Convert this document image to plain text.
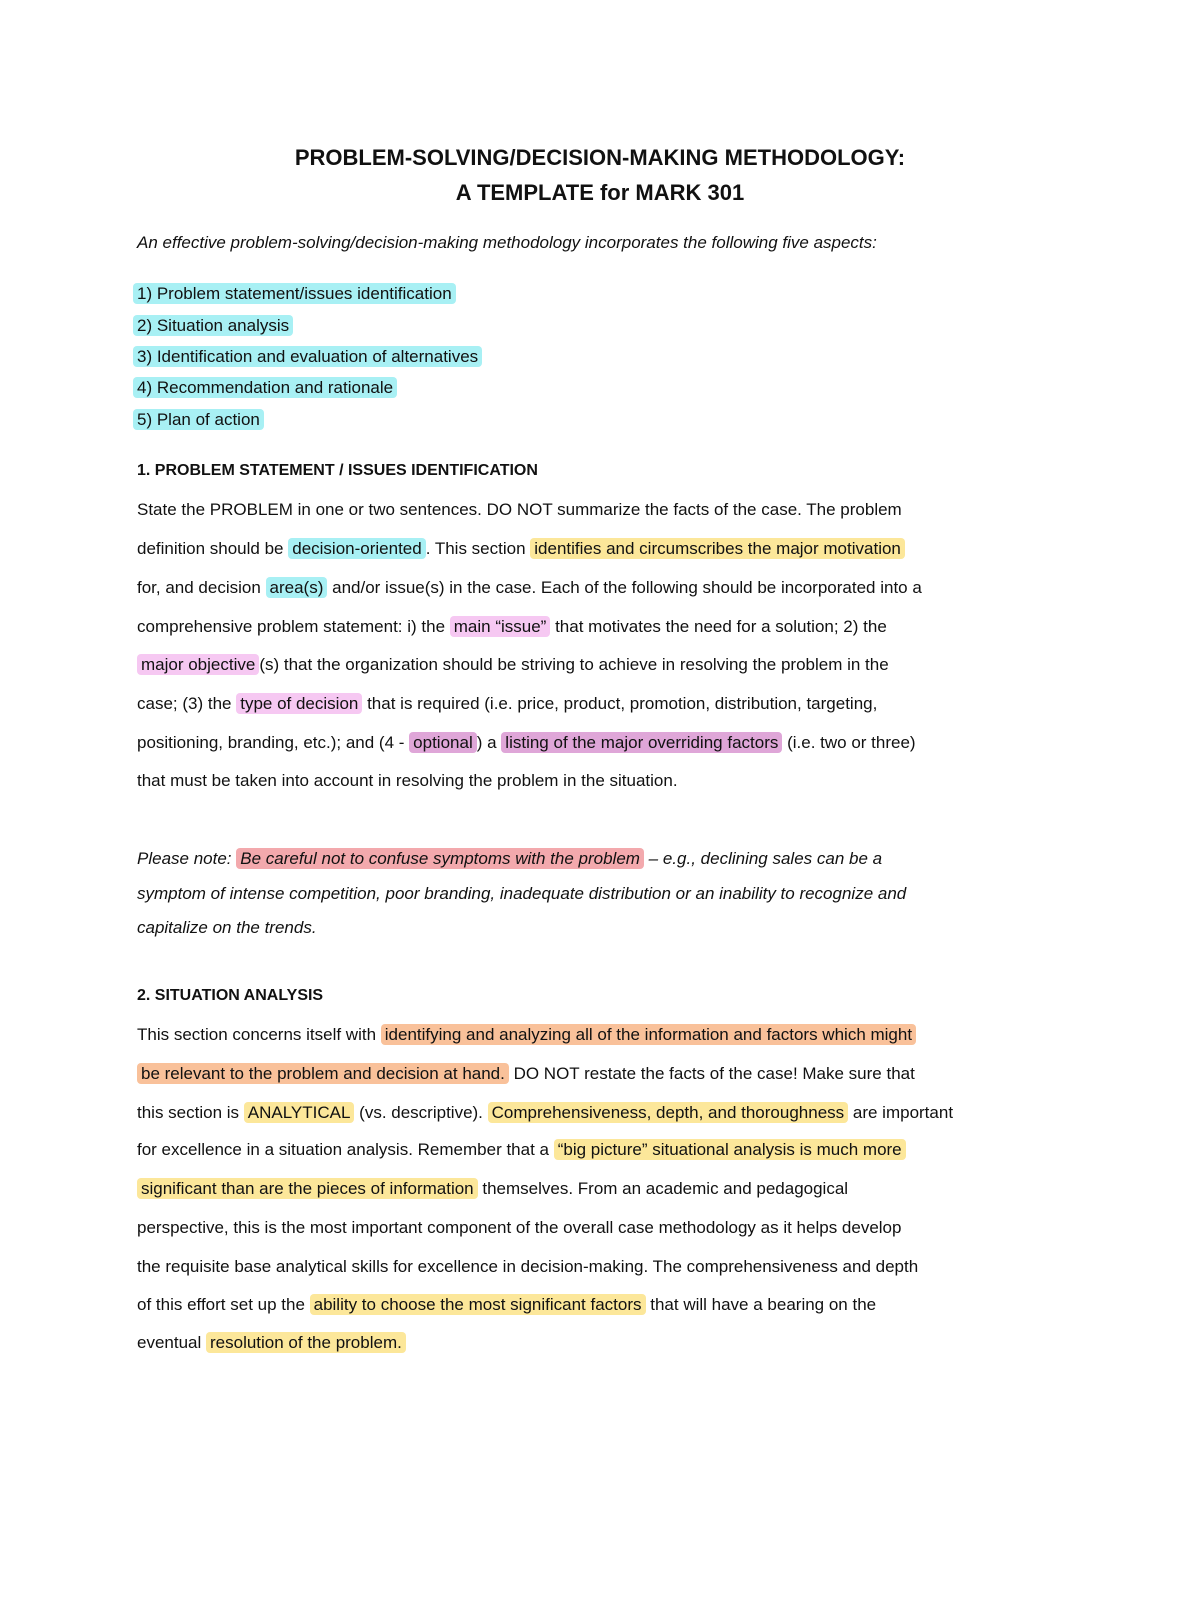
PROBLEM-SOLVING/DECISION-MAKING METHODOLOGY:
A TEMPLATE for MARK 301
An effective problem-solving/decision-making methodology incorporates the following five aspects:
1) Problem statement/issues identification
2) Situation analysis
3) Identification and evaluation of alternatives
4) Recommendation and rationale
5) Plan of action
1. PROBLEM STATEMENT / ISSUES IDENTIFICATION
State the PROBLEM in one or two sentences. DO NOT summarize the facts of the case. The problem
definition should be decision-oriented . This section identifies and circumscribes the major motivation
for, and decision area(s) and/or issue(s) in the case. Each of the following should be incorporated into a
comprehensive problem statement: i) the main “issue” that motivates the need for a solution; 2) the
major objective (s) that the organization should be striving to achieve in resolving the problem in the
case; (3) the type of decision that is required (i.e. price, product, promotion, distribution, targeting,
positioning, branding, etc.); and (4 - optional ) a listing of the major overriding factors (i.e. two or three)
that must be taken into account in resolving the problem in the situation.
Please note: Be careful not to confuse symptoms with the problem – e.g., declining sales can be a
symptom of intense competition, poor branding, inadequate distribution or an inability to recognize and
capitalize on the trends.
2. SITUATION ANALYSIS
This section concerns itself with identifying and analyzing all of the information and factors which might
be relevant to the problem and decision at hand. DO NOT restate the facts of the case! Make sure that
this section is ANALYTICAL (vs. descriptive). Comprehensiveness, depth, and thoroughness are important
for excellence in a situation analysis. Remember that a “big picture” situational analysis is much more
significant than are the pieces of information themselves. From an academic and pedagogical
perspective, this is the most important component of the overall case methodology as it helps develop
the requisite base analytical skills for excellence in decision-making. The comprehensiveness and depth
of this effort set up the ability to choose the most significant factors that will have a bearing on the
eventual resolution of the problem.
